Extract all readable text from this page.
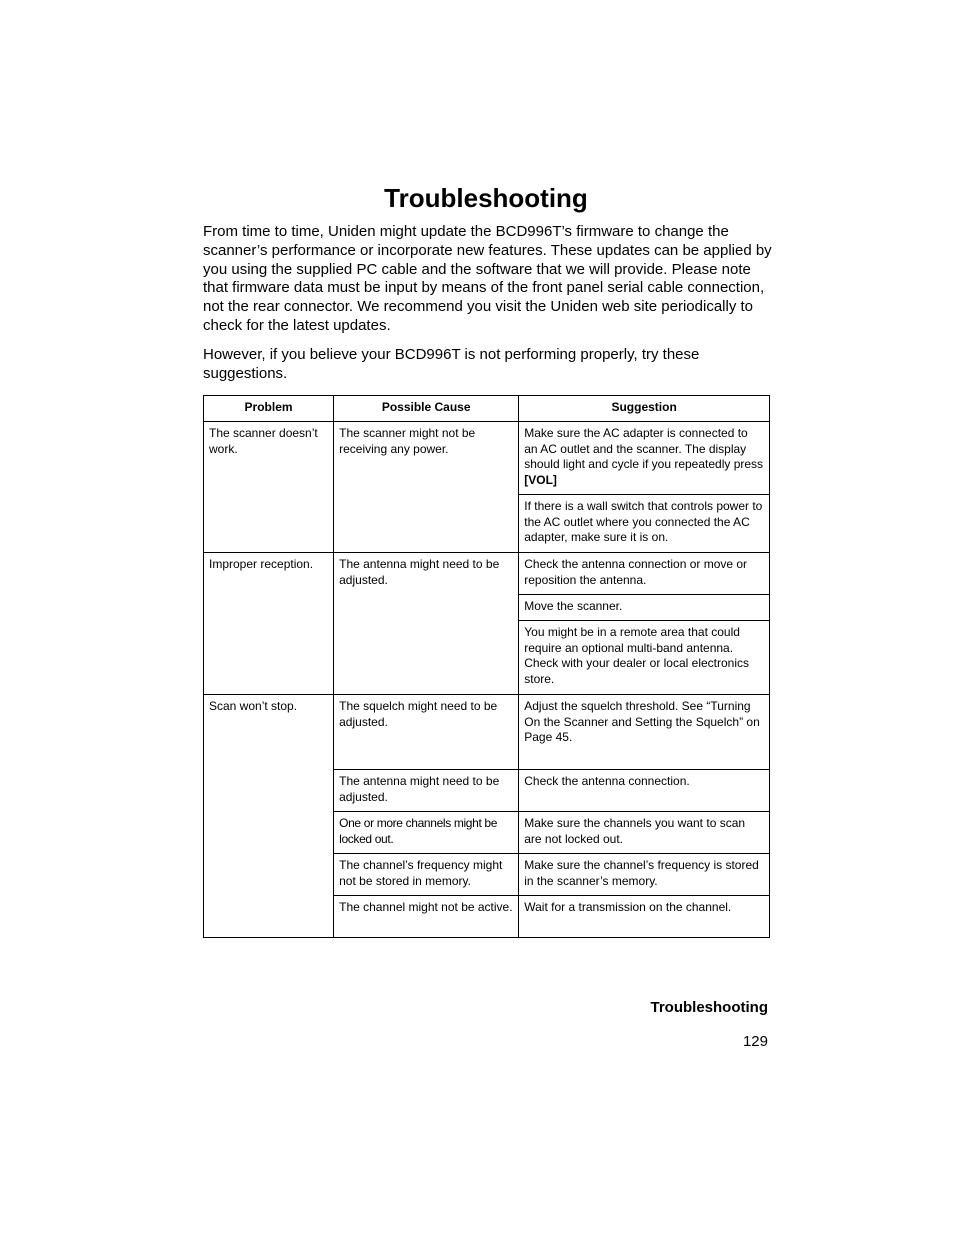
Troubleshooting

From time to time, Uniden might update the BCD996T’s firmware to change the scanner’s performance or incorporate new features. These updates can be applied by you using the supplied PC cable and the software that we will provide. Please note that firmware data must be input by means of the front panel serial cable connection, not the rear connector. We recommend you visit the Uniden web site periodically to check for the latest updates.

However, if you believe your BCD996T is not performing properly, try these suggestions.

Problem	Possible Cause	Suggestion
The scanner doesn’t work.	The scanner might not be receiving any power.	Make sure the AC adapter is connected to an AC outlet and the scanner. The display should light and cycle if you repeatedly press [VOL]
		If there is a wall switch that controls power to the AC outlet where you connected the AC adapter, make sure it is on.
Improper reception.	The antenna might need to be adjusted.	Check the antenna connection or move or reposition the antenna.
		Move the scanner.
		You might be in a remote area that could require an optional multi-band antenna. Check with your dealer or local electronics store.
Scan won’t stop.	The squelch might need to be adjusted.	Adjust the squelch threshold. See “Turning On the Scanner and Setting the Squelch” on Page 45.
	The antenna might need to be adjusted.	Check the antenna connection.
	One or more channels might be locked out.	Make sure the channels you want to scan are not locked out.
	The channel’s frequency might not be stored in memory.	Make sure the channel’s frequency is stored in the scanner’s memory.
	The channel might not be active.	Wait for a transmission on the channel.

Troubleshooting

129
